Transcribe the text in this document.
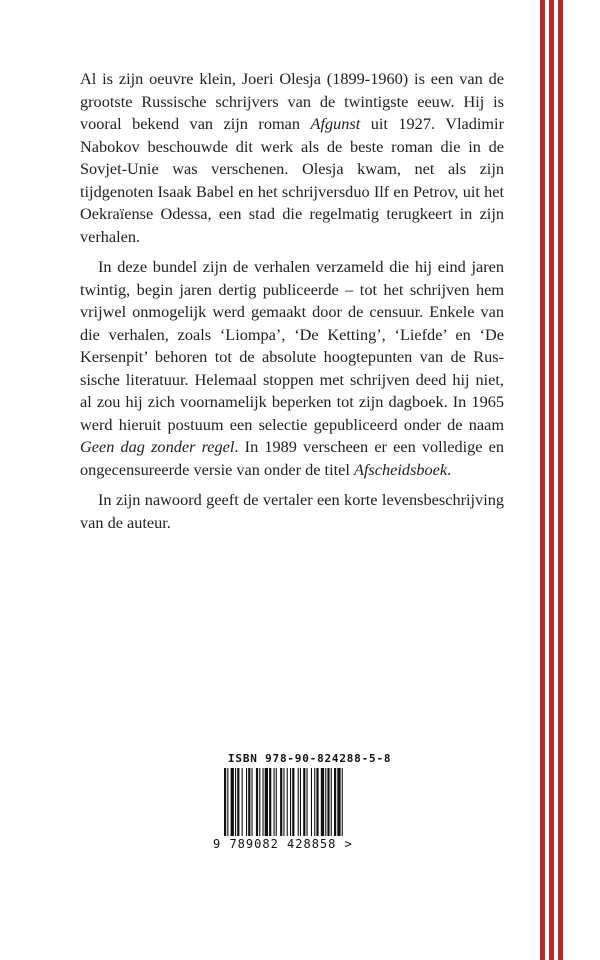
Al is zijn oeuvre klein, Joeri Olesja (1899-1960) is een van de grootste Russische schrijvers van de twintigste eeuw. Hij is vooral bekend van zijn roman Afgunst uit 1927. Vladimir Nabokov beschouwde dit werk als de beste roman die in de Sovjet-Unie was verschenen. Olesja kwam, net als zijn tijdgenoten Isaak Babel en het schrijversduo Ilf en Petrov, uit het Oekraïense Odessa, een stad die regelmatig terugkeert in zijn verhalen.

In deze bundel zijn de verhalen verzameld die hij eind jaren twintig, begin jaren dertig publiceerde – tot het schrijven hem vrijwel onmogelijk werd gemaakt door de censuur. Enkele van die verhalen, zoals ‘Liompa’, ‘De Ketting’, ‘Liefde’ en ‘De Kersenpit’ behoren tot de absolute hoogtepunten van de Russische literatuur. Helemaal stoppen met schrijven deed hij niet, al zou hij zich voornamelijk beperken tot zijn dagboek. In 1965 werd hieruit postuum een selectie gepubliceerd onder de naam Geen dag zonder regel. In 1989 verscheen er een volledige en ongecensureerde versie van onder de titel Afscheidsboek.

In zijn nawoord geeft de vertaler een korte levensbeschrijving van de auteur.

ISBN 978-90-824288-5-8
9 789082 428858 >
